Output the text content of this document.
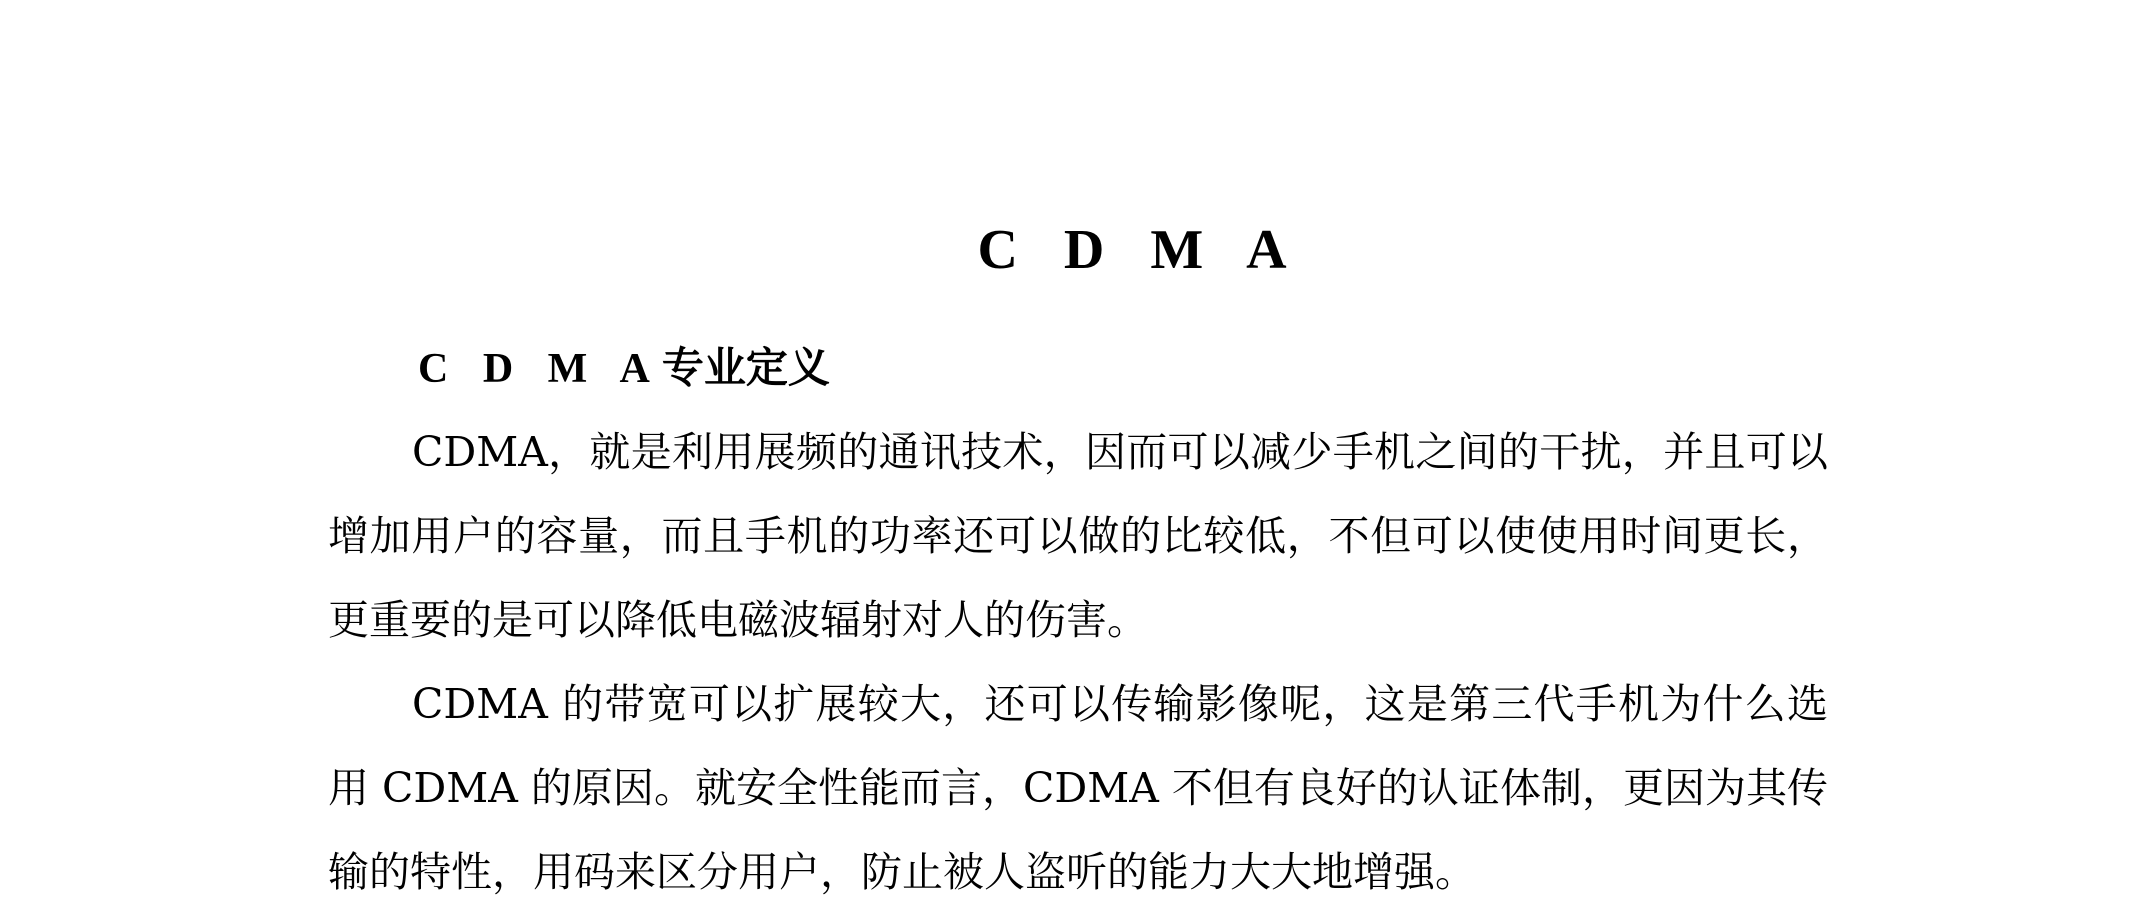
C D M A
C D M A专业定义

CDMA，就是利用展频的通讯技术，因而可以减少手机之间的干扰，并且可以增加用户的容量，而且手机的功率还可以做的比较低，不但可以使使用时间更长，更重要的是可以降低电磁波辐射对人的伤害。

CDMA 的带宽可以扩展较大，还可以传输影像呢，这是第三代手机为什么选用 CDMA 的原因。就安全性能而言，CDMA 不但有良好的认证体制，更因为其传输的特性，用码来区分用户，防止被人盗听的能力大大地增强。
